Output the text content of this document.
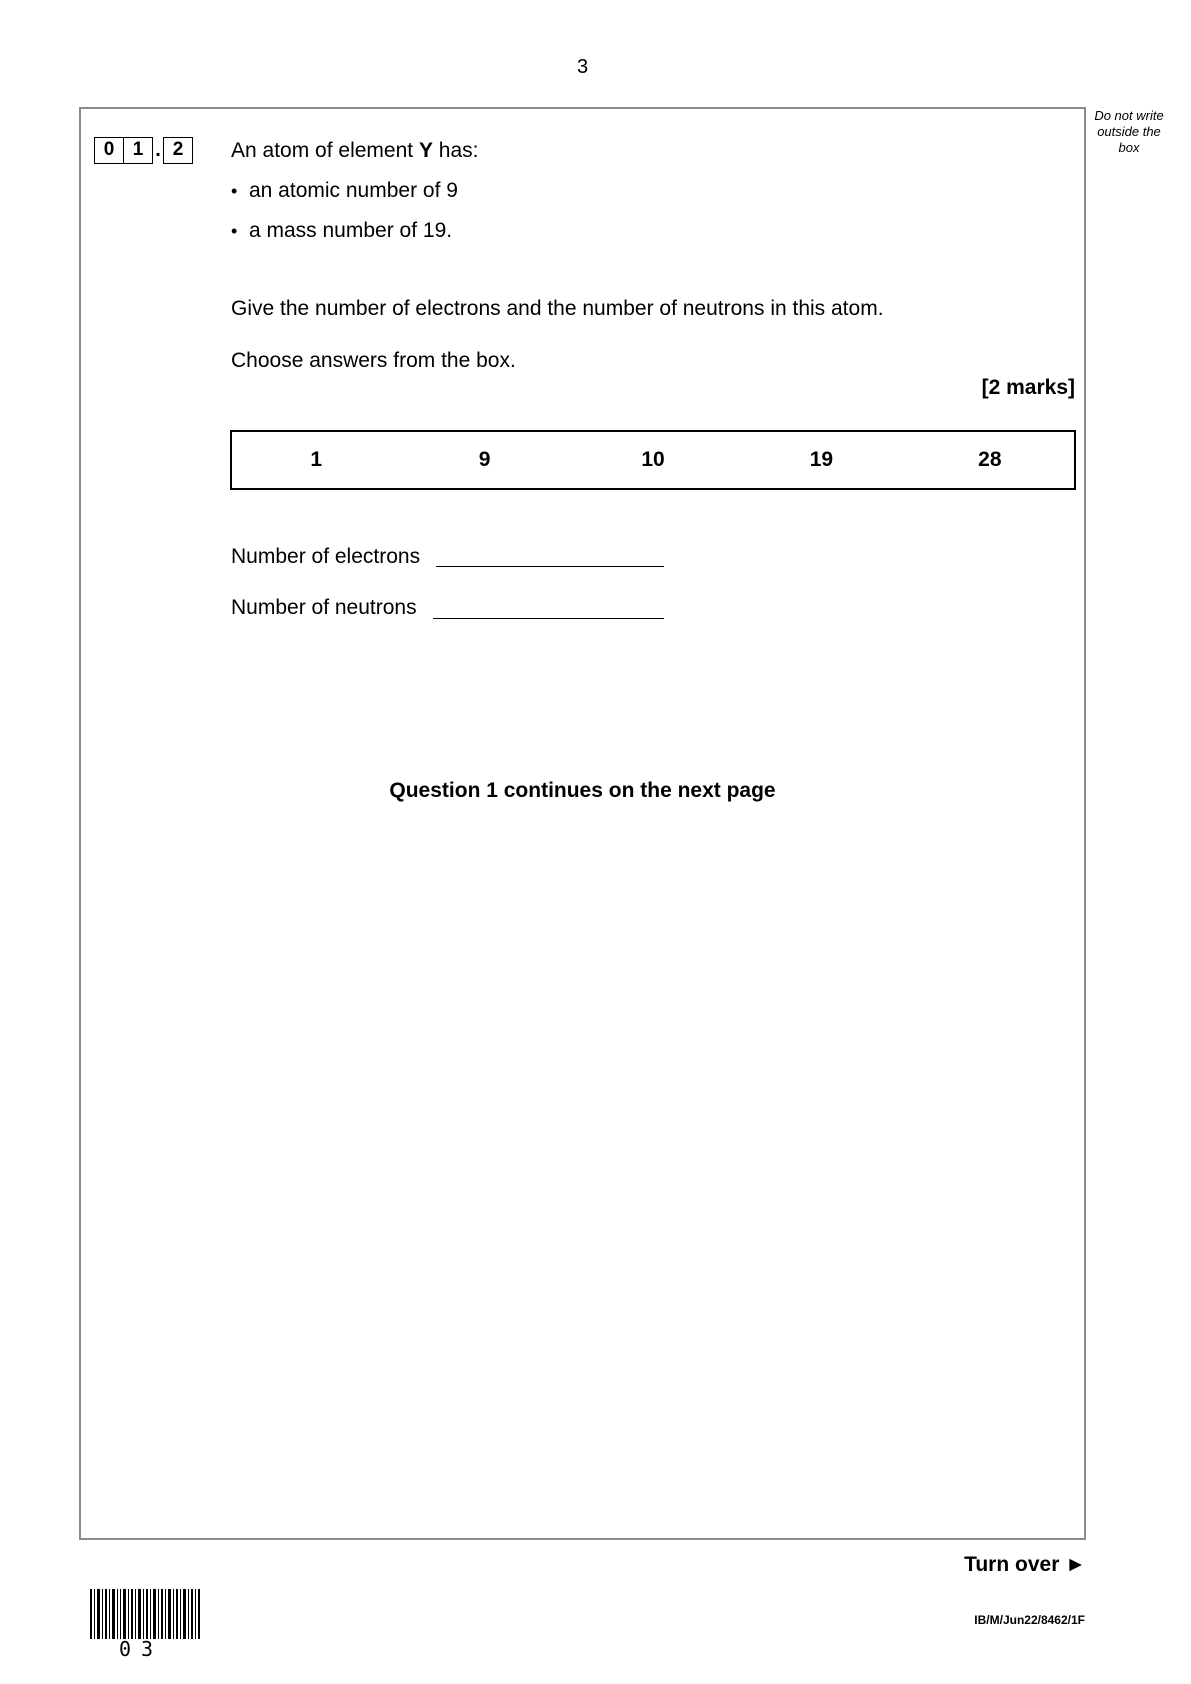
3
Do not write
outside the
box
0 1 . 2	An atom of element Y has:
• an atomic number of 9
• a mass number of 19.
Give the number of electrons and the number of neutrons in this atom.
Choose answers from the box.
[2 marks]
1	9	10	19	28
Number of electrons
Number of neutrons
Question 1 continues on the next page
Turn over ►
03
IB/M/Jun22/8462/1F
